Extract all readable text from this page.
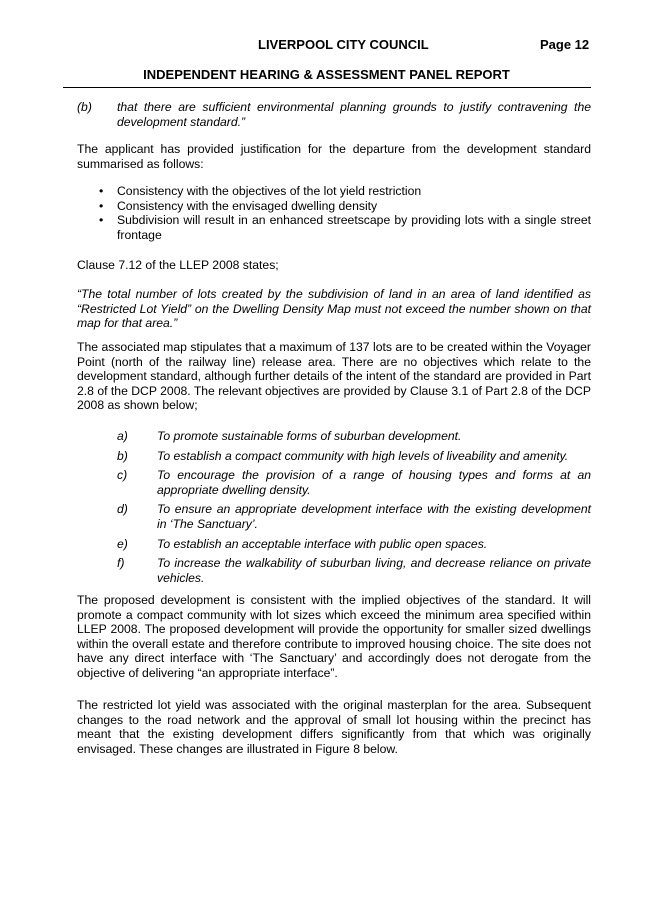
LIVERPOOL CITY COUNCIL	Page 12
INDEPENDENT HEARING & ASSESSMENT PANEL REPORT
(b) that there are sufficient environmental planning grounds to justify contravening the development standard.”
The applicant has provided justification for the departure from the development standard summarised as follows:
• Consistency with the objectives of the lot yield restriction
• Consistency with the envisaged dwelling density
• Subdivision will result in an enhanced streetscape by providing lots with a single street frontage
Clause 7.12 of the LLEP 2008 states;
“The total number of lots created by the subdivision of land in an area of land identified as “Restricted Lot Yield” on the Dwelling Density Map must not exceed the number shown on that map for that area.”
The associated map stipulates that a maximum of 137 lots are to be created within the Voyager Point (north of the railway line) release area. There are no objectives which relate to the development standard, although further details of the intent of the standard are provided in Part 2.8 of the DCP 2008. The relevant objectives are provided by Clause 3.1 of Part 2.8 of the DCP 2008 as shown below;
a) To promote sustainable forms of suburban development.
b) To establish a compact community with high levels of liveability and amenity.
c) To encourage the provision of a range of housing types and forms at an appropriate dwelling density.
d) To ensure an appropriate development interface with the existing development in ‘The Sanctuary’.
e) To establish an acceptable interface with public open spaces.
f)	To increase the walkability of suburban living, and decrease reliance on private vehicles.
The proposed development is consistent with the implied objectives of the standard. It will promote a compact community with lot sizes which exceed the minimum area specified within LLEP 2008. The proposed development will provide the opportunity for smaller sized dwellings within the overall estate and therefore contribute to improved housing choice. The site does not have any direct interface with ‘The Sanctuary’ and accordingly does not derogate from the objective of delivering “an appropriate interface”.
The restricted lot yield was associated with the original masterplan for the area. Subsequent changes to the road network and the approval of small lot housing within the precinct has meant that the existing development differs significantly from that which was originally envisaged. These changes are illustrated in Figure 8 below.
